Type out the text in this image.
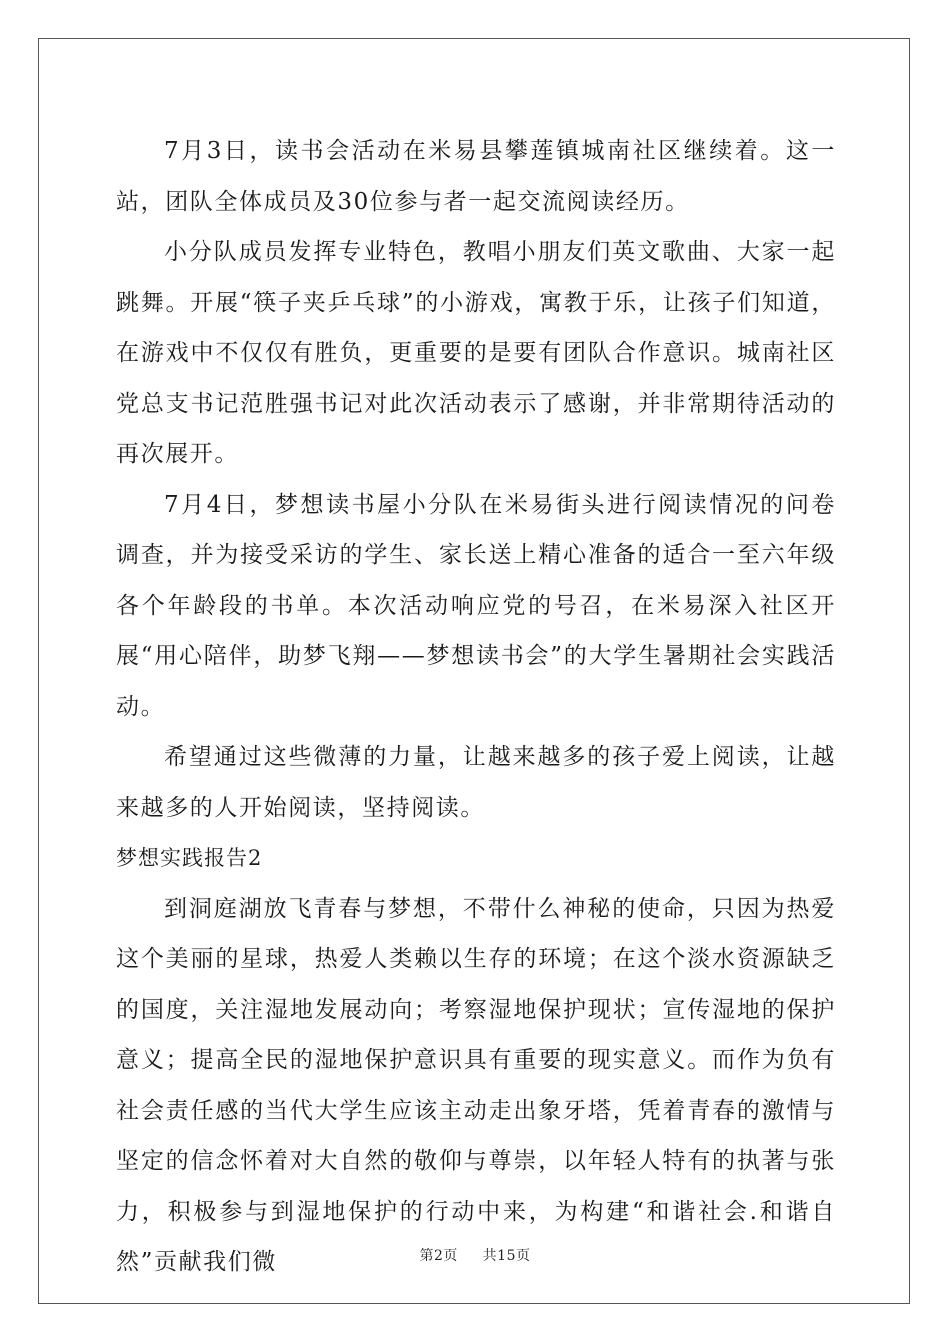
7月3日，读书会活动在米易县攀莲镇城南社区继续着。这一站，团队全体成员及30位参与者一起交流阅读经历。

小分队成员发挥专业特色，教唱小朋友们英文歌曲、大家一起跳舞。开展“筷子夹乒乓球”的小游戏，寓教于乐，让孩子们知道，在游戏中不仅仅有胜负，更重要的是要有团队合作意识。城南社区党总支书记范胜强书记对此次活动表示了感谢，并非常期待活动的再次展开。

7月4日，梦想读书屋小分队在米易街头进行阅读情况的问卷调查，并为接受采访的学生、家长送上精心准备的适合一至六年级各个年龄段的书单。本次活动响应党的号召，在米易深入社区开展“用心陪伴，助梦飞翔——梦想读书会”的大学生暑期社会实践活动。

希望通过这些微薄的力量，让越来越多的孩子爱上阅读，让越来越多的人开始阅读，坚持阅读。

梦想实践报告2

到洞庭湖放飞青春与梦想，不带什么神秘的使命，只因为热爱这个美丽的星球，热爱人类赖以生存的环境；在这个淡水资源缺乏的国度，关注湿地发展动向；考察湿地保护现状；宣传湿地的保护意义；提高全民的湿地保护意识具有重要的现实意义。而作为负有社会责任感的当代大学生应该主动走出象牙塔，凭着青春的激情与坚定的信念怀着对大自然的敬仰与尊崇，以年轻人特有的执著与张力，积极参与到湿地保护的行动中来，为构建“和谐社会.和谐自然”贡献我们微	第2页 共15页
